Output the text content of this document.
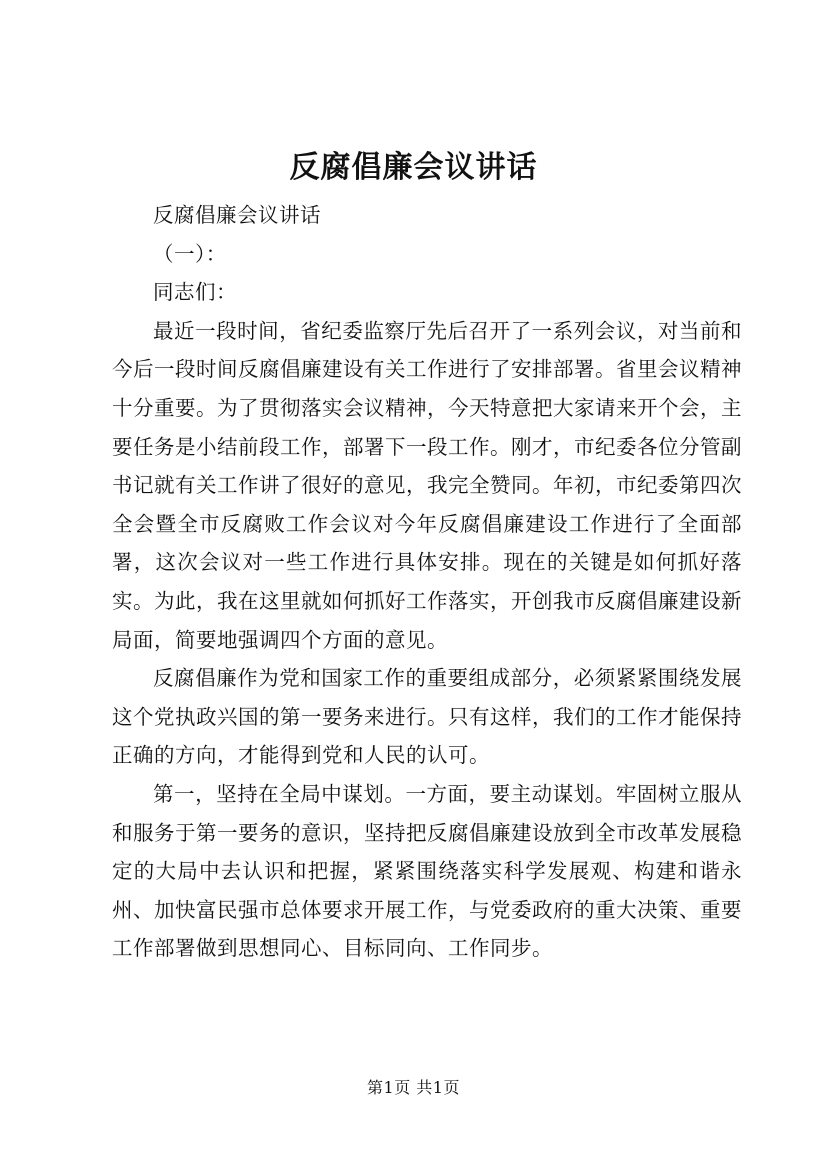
反腐倡廉会议讲话

反腐倡廉会议讲话

（一）：

同志们：

最近一段时间，省纪委监察厅先后召开了一系列会议，对当前和今后一段时间反腐倡廉建设有关工作进行了安排部署。省里会议精神十分重要。为了贯彻落实会议精神，今天特意把大家请来开个会，主要任务是小结前段工作，部署下一段工作。刚才，市纪委各位分管副书记就有关工作讲了很好的意见，我完全赞同。年初，市纪委第四次全会暨全市反腐败工作会议对今年反腐倡廉建设工作进行了全面部署，这次会议对一些工作进行具体安排。现在的关键是如何抓好落实。为此，我在这里就如何抓好工作落实，开创我市反腐倡廉建设新局面，简要地强调四个方面的意见。

反腐倡廉作为党和国家工作的重要组成部分，必须紧紧围绕发展这个党执政兴国的第一要务来进行。只有这样，我们的工作才能保持正确的方向，才能得到党和人民的认可。

第一，坚持在全局中谋划。一方面，要主动谋划。牢固树立服从和服务于第一要务的意识，坚持把反腐倡廉建设放到全市改革发展稳定的大局中去认识和把握，紧紧围绕落实科学发展观、构建和谐永州、加快富民强市总体要求开展工作，与党委政府的重大决策、重要工作部署做到思想同心、目标同向、工作同步。

第1页 共1页
